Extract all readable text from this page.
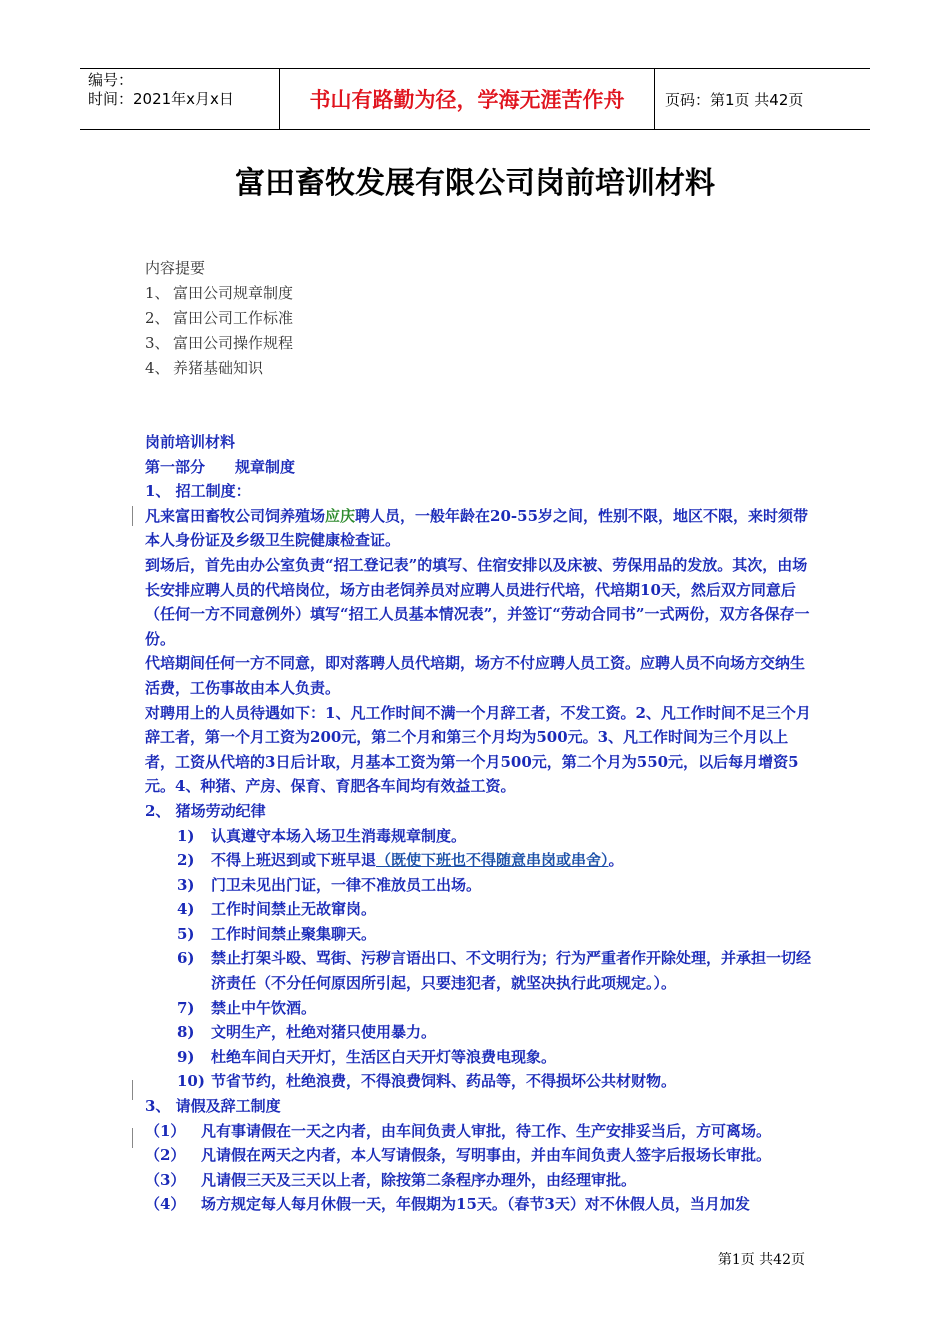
编号：
时间：2021年x月x日	书山有路勤为径，学海无涯苦作舟	页码：第1页 共42页
富田畜牧发展有限公司岗前培训材料
内容提要
1、 富田公司规章制度
2、 富田公司工作标准
3、 富田公司操作规程
4、 养猪基础知识

岗前培训材料

第一部分　　规章制度

1、 招工制度：

凡来富田畜牧公司饲养殖场应庆聘人员，一般年龄在20-55岁之间，性别不限，地区不限，来时须带本人身份证及乡级卫生院健康检查证。

到场后，首先由办公室负责“招工登记表”的填写、住宿安排以及床被、劳保用品的发放。其次，由场长安排应聘人员的代培岗位，场方由老饲养员对应聘人员进行代培，代培期10天，然后双方同意后（任何一方不同意例外）填写“招工人员基本情况表”，并签订“劳动合同书”一式两份，双方各保存一份。

代培期间任何一方不同意，即对落聘人员代培期，场方不付应聘人员工资。应聘人员不向场方交纳生活费，工伤事故由本人负责。

对聘用上的人员待遇如下：1、凡工作时间不满一个月辞工者，不发工资。2、凡工作时间不足三个月辞工者，第一个月工资为200元，第二个月和第三个月均为500元。3、凡工作时间为三个月以上者，工资从代培的3日后计取，月基本工资为第一个月500元，第二个月为550元，以后每月增资5元。4、种猪、产房、保育、育肥各车间均有效益工资。

2、 猪场劳动纪律

1)	认真遵守本场入场卫生消毒规章制度。
2)	不得上班迟到或下班早退（既使下班也不得随意串岗或串舍）。
3)	门卫未见出门证，一律不准放员工出场。
4)	工作时间禁止无故窜岗。
5)	工作时间禁止聚集聊天。
6)	禁止打架斗殴、骂街、污秽言语出口、不文明行为；行为严重者作开除处理，并承担一切经济责任（不分任何原因所引起，只要违犯者，就坚决执行此项规定。）。
7)	禁止中午饮酒。
8)	文明生产，杜绝对猪只使用暴力。
9)	杜绝车间白天开灯，生活区白天开灯等浪费电现象。
10) 节省节约，杜绝浪费，不得浪费饲料、药品等，不得损坏公共材财物。

3、 请假及辞工制度

（1）	凡有事请假在一天之内者，由车间负责人审批，待工作、生产安排妥当后，方可离场。
（2）	凡请假在两天之内者，本人写请假条，写明事由，并由车间负责人签字后报场长审批。
（3）	凡请假三天及三天以上者，除按第二条程序办理外，由经理审批。
（4）	场方规定每人每月休假一天，年假期为15天。（春节3天）对不休假人员，当月加发
第1页 共42页
